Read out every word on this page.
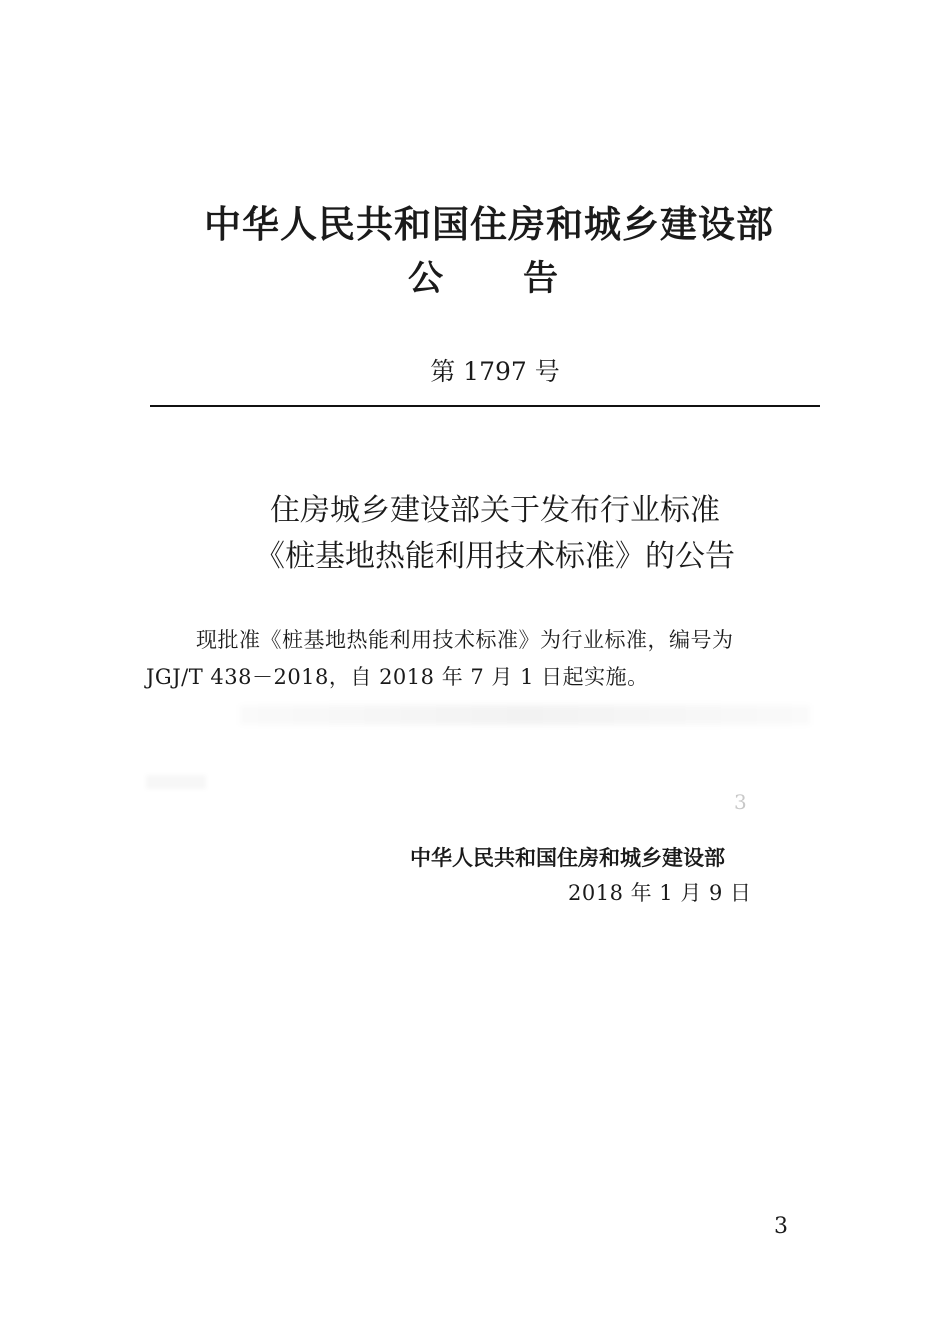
中华人民共和国住房和城乡建设部
公 告
第 1797 号
住房城乡建设部关于发布行业标准
《桩基地热能利用技术标准》的公告
现批准《桩基地热能利用技术标准》为行业标准，编号为
JGJ/T 438－2018，自 2018 年 7 月 1 日起实施。
3
中华人民共和国住房和城乡建设部
2018 年 1 月 9 日
3
